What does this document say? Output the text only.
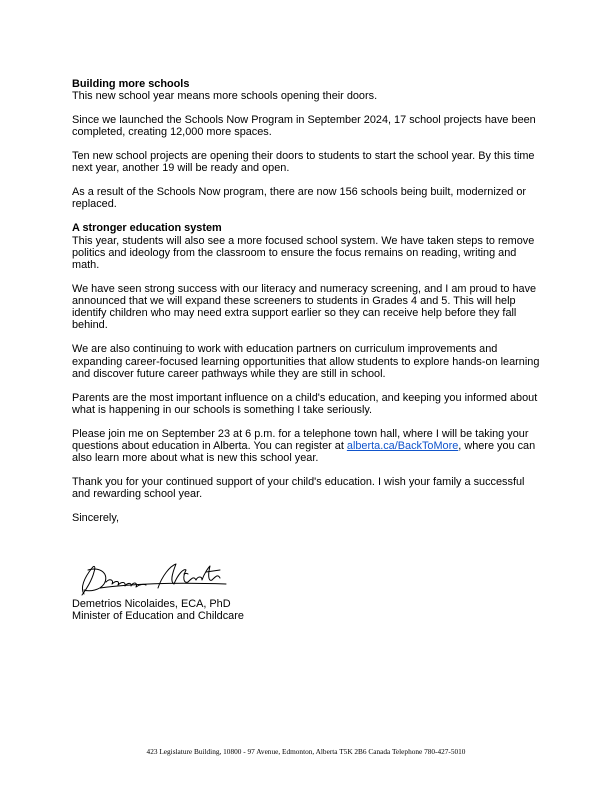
Building more schools
This new school year means more schools opening their doors.

Since we launched the Schools Now Program in September 2024, 17 school projects have been completed, creating 12,000 more spaces.

Ten new school projects are opening their doors to students to start the school year. By this time next year, another 19 will be ready and open.

As a result of the Schools Now program, there are now 156 schools being built, modernized or replaced.

A stronger education system
This year, students will also see a more focused school system. We have taken steps to remove politics and ideology from the classroom to ensure the focus remains on reading, writing and math.

We have seen strong success with our literacy and numeracy screening, and I am proud to have announced that we will expand these screeners to students in Grades 4 and 5. This will help identify children who may need extra support earlier so they can receive help before they fall behind.

We are also continuing to work with education partners on curriculum improvements and expanding career-focused learning opportunities that allow students to explore hands-on learning and discover future career pathways while they are still in school.

Parents are the most important influence on a child's education, and keeping you informed about what is happening in our schools is something I take seriously.

Please join me on September 23 at 6 p.m. for a telephone town hall, where I will be taking your questions about education in Alberta. You can register at alberta.ca/BackToMore, where you can also learn more about what is new this school year.

Thank you for your continued support of your child's education. I wish your family a successful and rewarding school year.

Sincerely,

Demetrios Nicolaides, ECA, PhD
Minister of Education and Childcare
423 Legislature Building, 10800 - 97 Avenue, Edmonton, Alberta T5K 2B6 Canada Telephone 780-427-5010
